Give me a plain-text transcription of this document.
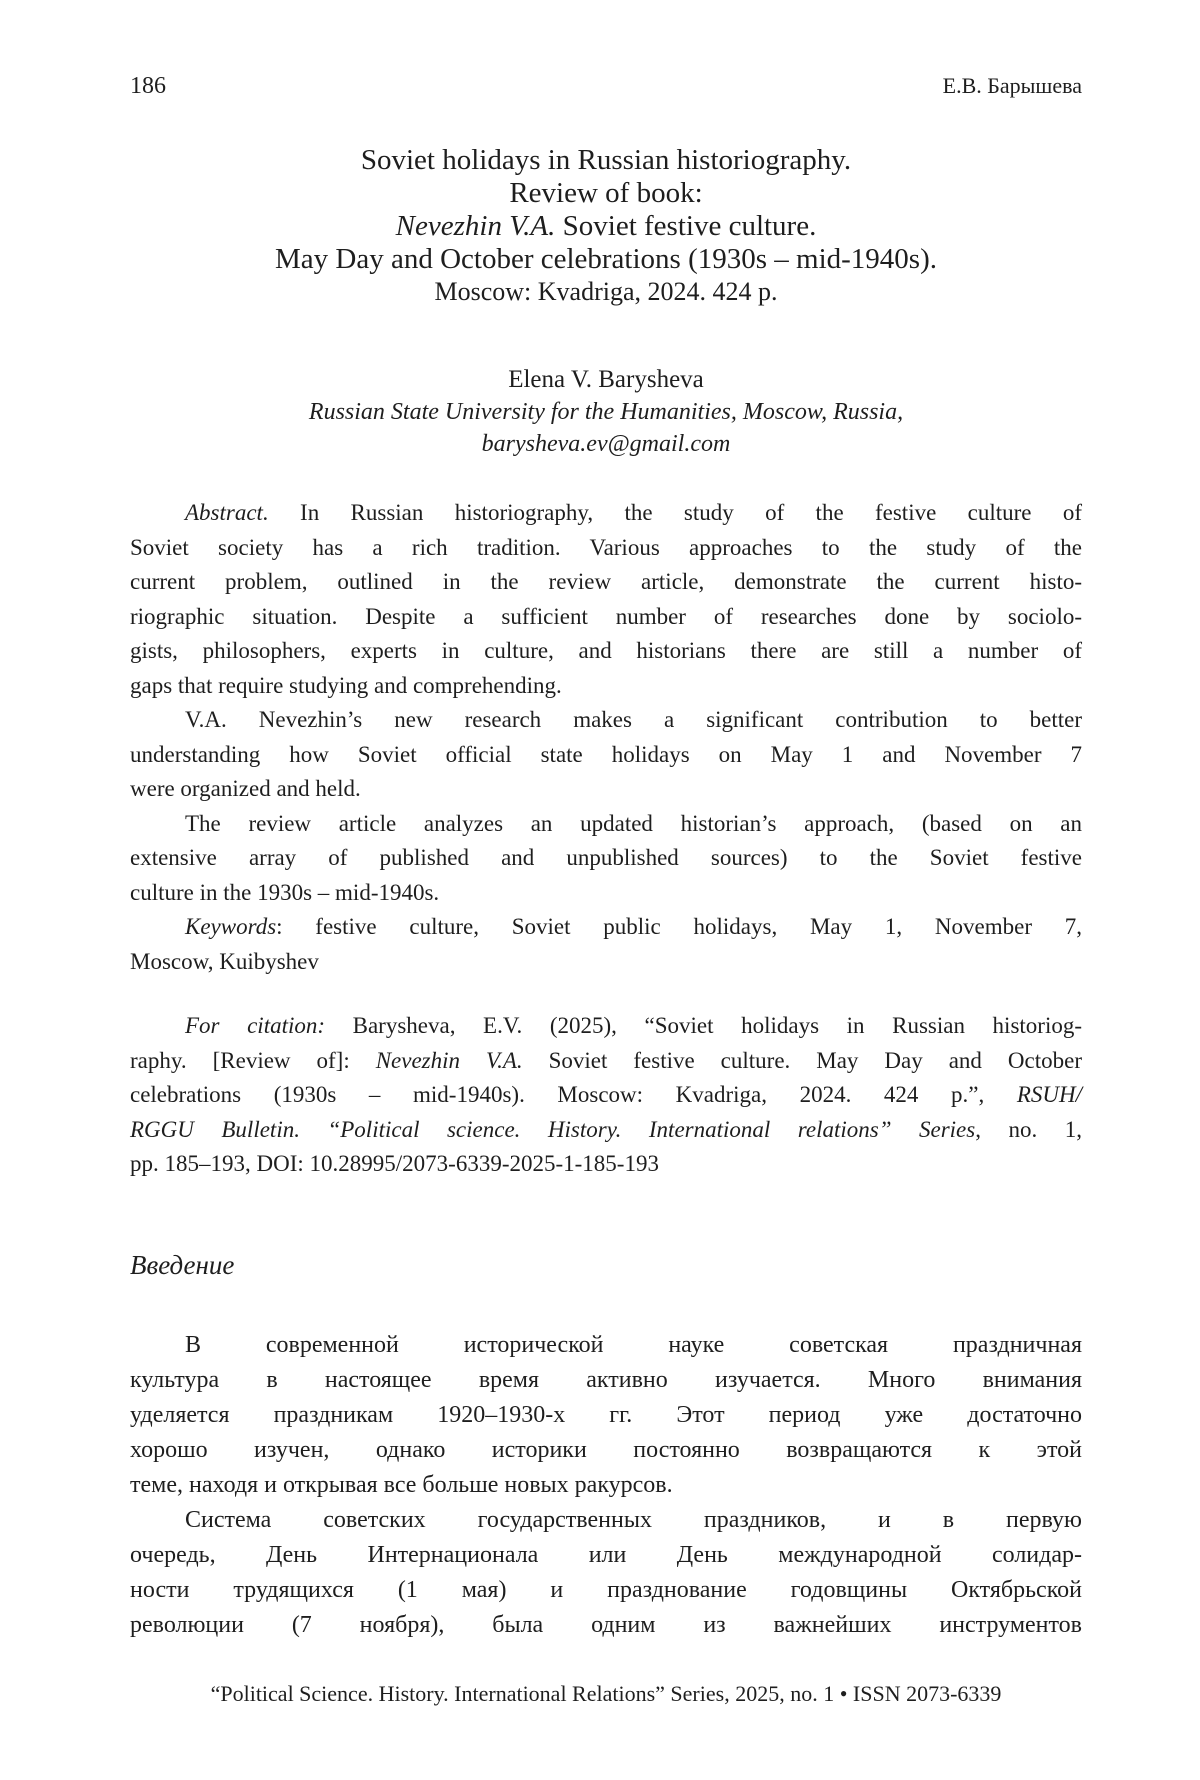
186	Е.В. Барышева
Soviet holidays in Russian historiography.
Review of book:
Nevezhin V.A. Soviet festive culture.
May Day and October celebrations (1930s – mid-1940s).
Moscow: Kvadriga, 2024. 424 p.
Elena V. Barysheva
Russian State University for the Humanities, Moscow, Russia,
barysheva.ev@gmail.com
Abstract. In Russian historiography, the study of the festive culture of
Soviet society has a rich tradition. Various approaches to the study of the
current problem, outlined in the review article, demonstrate the current histo-
riographic situation. Despite a sufficient number of researches done by sociolo-
gists, philosophers, experts in culture, and historians there are still a number of
gaps that require studying and comprehending.
V.A. Nevezhin’s new research makes a significant contribution to better
understanding how Soviet official state holidays on May 1 and November 7
were organized and held.
The review article analyzes an updated historian’s approach, (based on an
extensive array of published and unpublished sources) to the Soviet festive
culture in the 1930s – mid-1940s.
Keywords: festive culture, Soviet public holidays, May 1, November 7,
Moscow, Kuibyshev
For citation: Barysheva, E.V. (2025), “Soviet holidays in Russian historiog-
raphy. [Review of]: Nevezhin V.A. Soviet festive culture. May Day and October
celebrations (1930s – mid-1940s). Moscow: Kvadriga, 2024. 424 p.”, RSUH/
RGGU Bulletin. “Political science. History. International relations” Series, no. 1,
pp. 185–193, DOI: 10.28995/2073-6339-2025-1-185-193
Введение
В современной исторической науке советская праздничная
культура в настоящее время активно изучается. Много внимания
уделяется праздникам 1920–1930-х гг. Этот период уже достаточно
хорошо изучен, однако историки постоянно возвращаются к этой
теме, находя и открывая все больше новых ракурсов.
Система советских государственных праздников, и в первую
очередь, День Интернационала или День международной солидар-
ности трудящихся (1 мая) и празднование годовщины Октябрьской
революции (7 ноября), была одним из важнейших инструментов
“Political Science. History. International Relations” Series, 2025, no. 1 • ISSN 2073-6339
